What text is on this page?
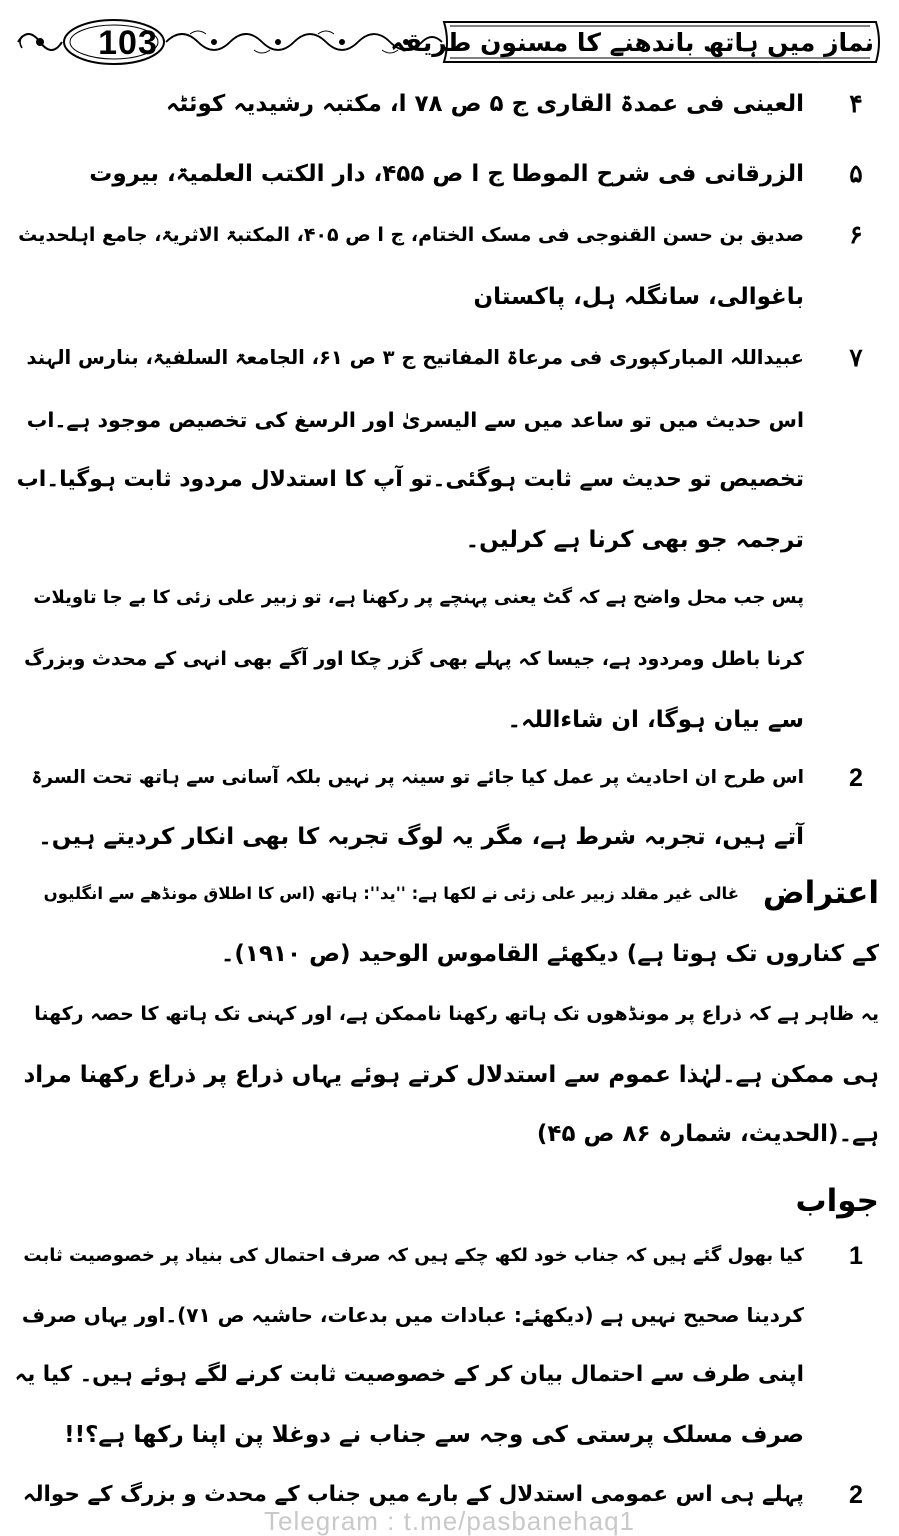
103	نماز میں ہاتھ باندھنے کا مسنون طریقہ
۴
العینی فی عمدۃ القاری ج ۵ ص ۷۸ ا، مکتبہ رشیدیہ کوئٹہ
۵
الزرقانی فی شرح الموطا ج ا ص ۴۵۵، دار الکتب العلمیۃ، بیروت
۶
صدیق بن حسن القنوجی فی مسک الختام، ج ا ص ۴۰۵، المکتبۃ الاثریۃ، جامع اہلحدیث
باغوالی، سانگلہ ہل، پاکستان
۷
عبیداللہ المبارکپوری فی مرعاۃ المفاتیح ج ۳ ص ۶۱، الجامعۃ السلفیۃ، بنارس الہند
اس حدیث میں تو ساعد میں سے الیسریٰ اور الرسغ کی تخصیص موجود ہے۔اب
تخصیص تو حدیث سے ثابت ہوگئی۔تو آپ کا استدلال مردود ثابت ہوگیا۔اب
ترجمہ جو بھی کرنا ہے کرلیں۔
پس جب محل واضح ہے کہ گٹ یعنی پہنچے پر رکھنا ہے، تو زبیر علی زئی کا بے جا تاویلات
کرنا باطل ومردود ہے، جیسا کہ پہلے بھی گزر چکا اور آگے بھی انہی کے محدث وبزرگ
سے بیان ہوگا، ان شاءاللہ۔
2
اس طرح ان احادیث پر عمل کیا جائے تو سینہ پر نہیں بلکہ آسانی سے ہاتھ تحت السرۃ
آتے ہیں، تجربہ شرط ہے، مگر یہ لوگ تجربہ کا بھی انکار کردیتے ہیں۔
اعتراض
غالی غیر مقلد زبیر علی زئی نے لکھا ہے: ''ید'': ہاتھ (اس کا اطلاق مونڈھے سے انگلیوں
کے کناروں تک ہوتا ہے) دیکھئے القاموس الوحید (ص ۱۹۱۰)۔
یہ ظاہر ہے کہ ذراع پر مونڈھوں تک ہاتھ رکھنا ناممکن ہے، اور کہنی تک ہاتھ کا حصہ رکھنا
ہی ممکن ہے۔لہٰذا عموم سے استدلال کرتے ہوئے یہاں ذراع پر ذراع رکھنا مراد
ہے۔(الحدیث، شمارہ ۸۶ ص ۴۵)
جواب
1
کیا بھول گئے ہیں کہ جناب خود لکھ چکے ہیں کہ صرف احتمال کی بنیاد پر خصوصیت ثابت
کردینا صحیح نہیں ہے (دیکھئے: عبادات میں بدعات، حاشیہ ص ۷۱)۔اور یہاں صرف
اپنی طرف سے احتمال بیان کر کے خصوصیت ثابت کرنے لگے ہوئے ہیں۔ کیا یہ
صرف مسلک پرستی کی وجہ سے جناب نے دوغلا پن اپنا رکھا ہے؟!!
2
پہلے ہی اس عمومی استدلال کے بارے میں جناب کے محدث و بزرگ کے حوالہ
Telegram : t.me/pasbanehaq1
